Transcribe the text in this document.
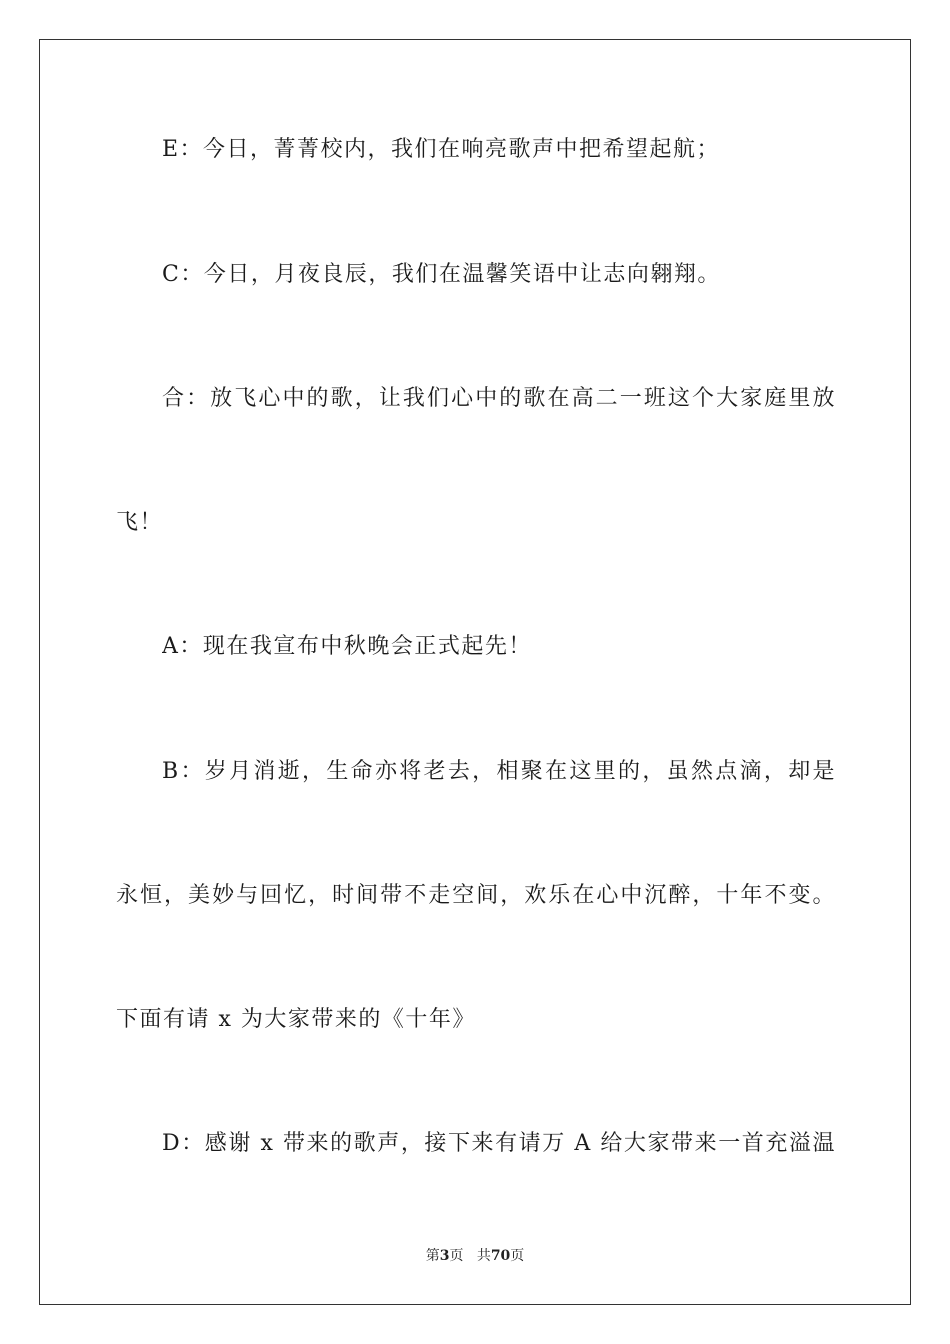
E：今日，菁菁校内，我们在响亮歌声中把希望起航；
C：今日，月夜良辰，我们在温馨笑语中让志向翱翔。
合：放飞心中的歌，让我们心中的歌在高二一班这个大家庭里放
飞！
A：现在我宣布中秋晚会正式起先！
B：岁月消逝，生命亦将老去，相聚在这里的，虽然点滴，却是
永恒，美妙与回忆，时间带不走空间，欢乐在心中沉醉，十年不变。
下面有请 x 为大家带来的《十年》
D：感谢 x 带来的歌声，接下来有请万 A 给大家带来一首充溢温
第3页 共70页
